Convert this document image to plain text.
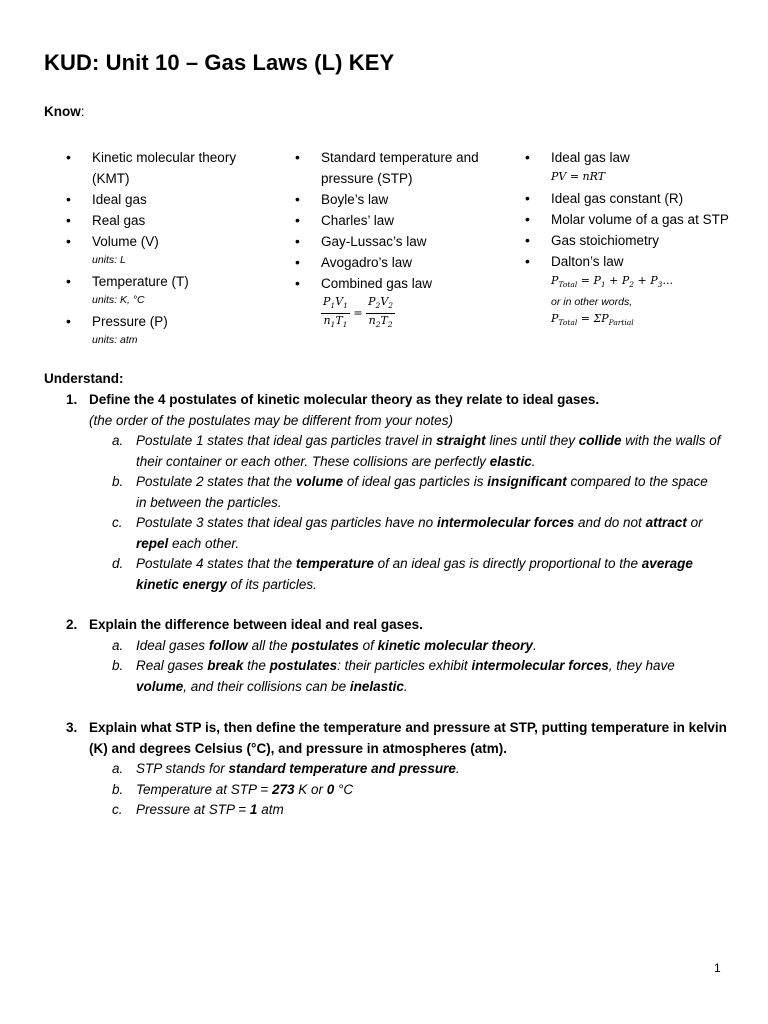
KUD: Unit 10 – Gas Laws (L) KEY
Know:
• Kinetic molecular theory
(KMT)
• Ideal gas
• Real gas
• Volume (V)
units: L
• Temperature (T)
units: K, °C
• Pressure (P)
units: atm
• Standard temperature and
pressure (STP)
• Boyle’s law
• Charles’ law
• Gay-Lussac’s law
• Avogadro’s law
• Combined gas law
$\frac{P_1V_1}{n_1T_1} = \frac{P_2V_2}{n_2T_2}$
• Ideal gas law
PV = nRT
• Ideal gas constant (R)
• Molar volume of a gas at STP
• Gas stoichiometry
• Dalton’s law
$P_{Total} = P_1 + P_2 + P_3$...
or in other words,
$P_{Total} = \Sigma P_{Partial}$
Understand:
1. Define the 4 postulates of kinetic molecular theory as they relate to ideal gases.
(the order of the postulates may be different from your notes)
a. Postulate 1 states that ideal gas particles travel in straight lines until they collide with the walls of their container or each other. These collisions are perfectly elastic.
b. Postulate 2 states that the volume of ideal gas particles is insignificant compared to the space in between the particles.
c. Postulate 3 states that ideal gas particles have no intermolecular forces and do not attract or repel each other.
d. Postulate 4 states that the temperature of an ideal gas is directly proportional to the average kinetic energy of its particles.
2. Explain the difference between ideal and real gases.
a. Ideal gases follow all the postulates of kinetic molecular theory.
b. Real gases break the postulates: their particles exhibit intermolecular forces, they have volume, and their collisions can be inelastic.
3. Explain what STP is, then define the temperature and pressure at STP, putting temperature in kelvin (K) and degrees Celsius (°C), and pressure in atmospheres (atm).
a. STP stands for standard temperature and pressure.
b. Temperature at STP = 273 K or 0 °C
c. Pressure at STP = 1 atm
1
